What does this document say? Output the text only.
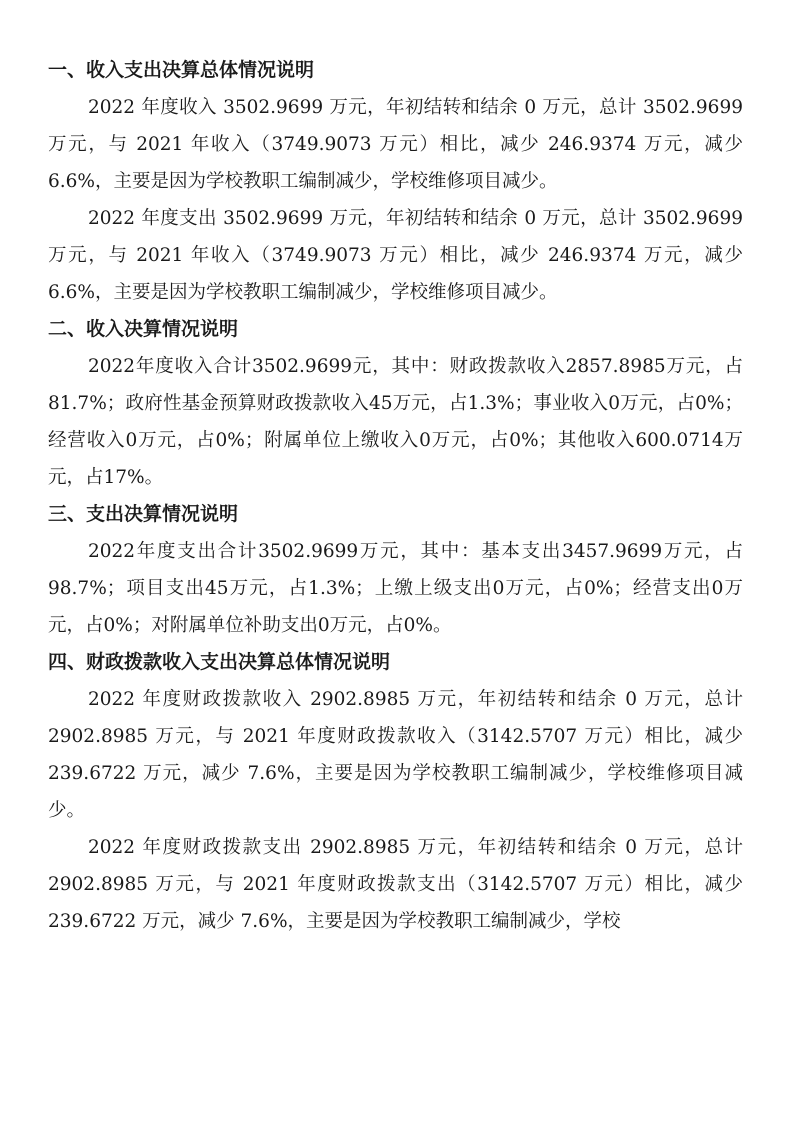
一、收入支出决算总体情况说明

2022 年度收入 3502.9699 万元，年初结转和结余 0 万元，总计 3502.9699 万元，与 2021 年收入（3749.9073 万元）相比，减少 246.9374 万元，减少 6.6%，主要是因为学校教职工编制减少，学校维修项目减少。

2022 年度支出 3502.9699 万元，年初结转和结余 0 万元，总计 3502.9699 万元，与 2021 年收入（3749.9073 万元）相比，减少 246.9374 万元，减少 6.6%，主要是因为学校教职工编制减少，学校维修项目减少。

二、收入决算情况说明

2022年度收入合计3502.9699元，其中：财政拨款收入2857.8985万元，占81.7%；政府性基金预算财政拨款收入45万元，占1.3%；事业收入0万元，占0%；经营收入0万元，占0%；附属单位上缴收入0万元，占0%；其他收入600.0714万元，占17%。

三、支出决算情况说明

2022年度支出合计3502.9699万元，其中：基本支出3457.9699万元，占98.7%；项目支出45万元，占1.3%；上缴上级支出0万元，占0%；经营支出0万元，占0%；对附属单位补助支出0万元，占0%。

四、财政拨款收入支出决算总体情况说明

2022 年度财政拨款收入 2902.8985 万元，年初结转和结余 0 万元，总计 2902.8985 万元，与 2021 年度财政拨款收入（3142.5707 万元）相比，减少 239.6722 万元，减少 7.6%，主要是因为学校教职工编制减少，学校维修项目减少。

2022 年度财政拨款支出 2902.8985 万元，年初结转和结余 0 万元，总计 2902.8985 万元，与 2021 年度财政拨款支出（3142.5707 万元）相比，减少 239.6722 万元，减少 7.6%，主要是因为学校教职工编制减少，学校
